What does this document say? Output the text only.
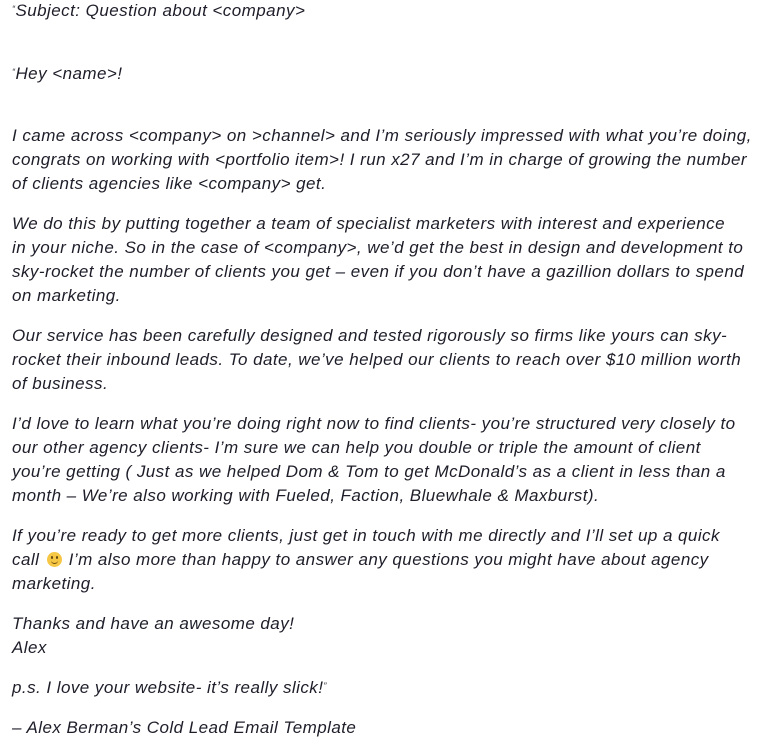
“Subject: Question about <company>
“Hey <name>!
I came across <company> on >channel> and I’m seriously impressed with what you’re doing,
congrats on working with <portfolio item>! I run x27 and I’m in charge of growing the number
of clients agencies like <company> get.
We do this by putting together a team of specialist marketers with interest and experience
in your niche. So in the case of <company>, we’d get the best in design and development to
sky-rocket the number of clients you get – even if you don’t have a gazillion dollars to spend
on marketing.
Our service has been carefully designed and tested rigorously so firms like yours can sky-
rocket their inbound leads. To date, we’ve helped our clients to reach over $10 million worth
of business.
I’d love to learn what you’re doing right now to find clients- you’re structured very closely to
our other agency clients- I’m sure we can help you double or triple the amount of client
you’re getting ( Just as we helped Dom & Tom to get McDonald’s as a client in less than a
month – We’re also working with Fueled, Faction, Bluewhale & Maxburst).
If you’re ready to get more clients, just get in touch with me directly and I’ll set up a quick
call
I’m also more than happy to answer any questions you might have about agency
marketing.
Thanks and have an awesome day!
Alex
p.s. I love your website- it’s really slick!”
– Alex Berman’s Cold Lead Email Template
